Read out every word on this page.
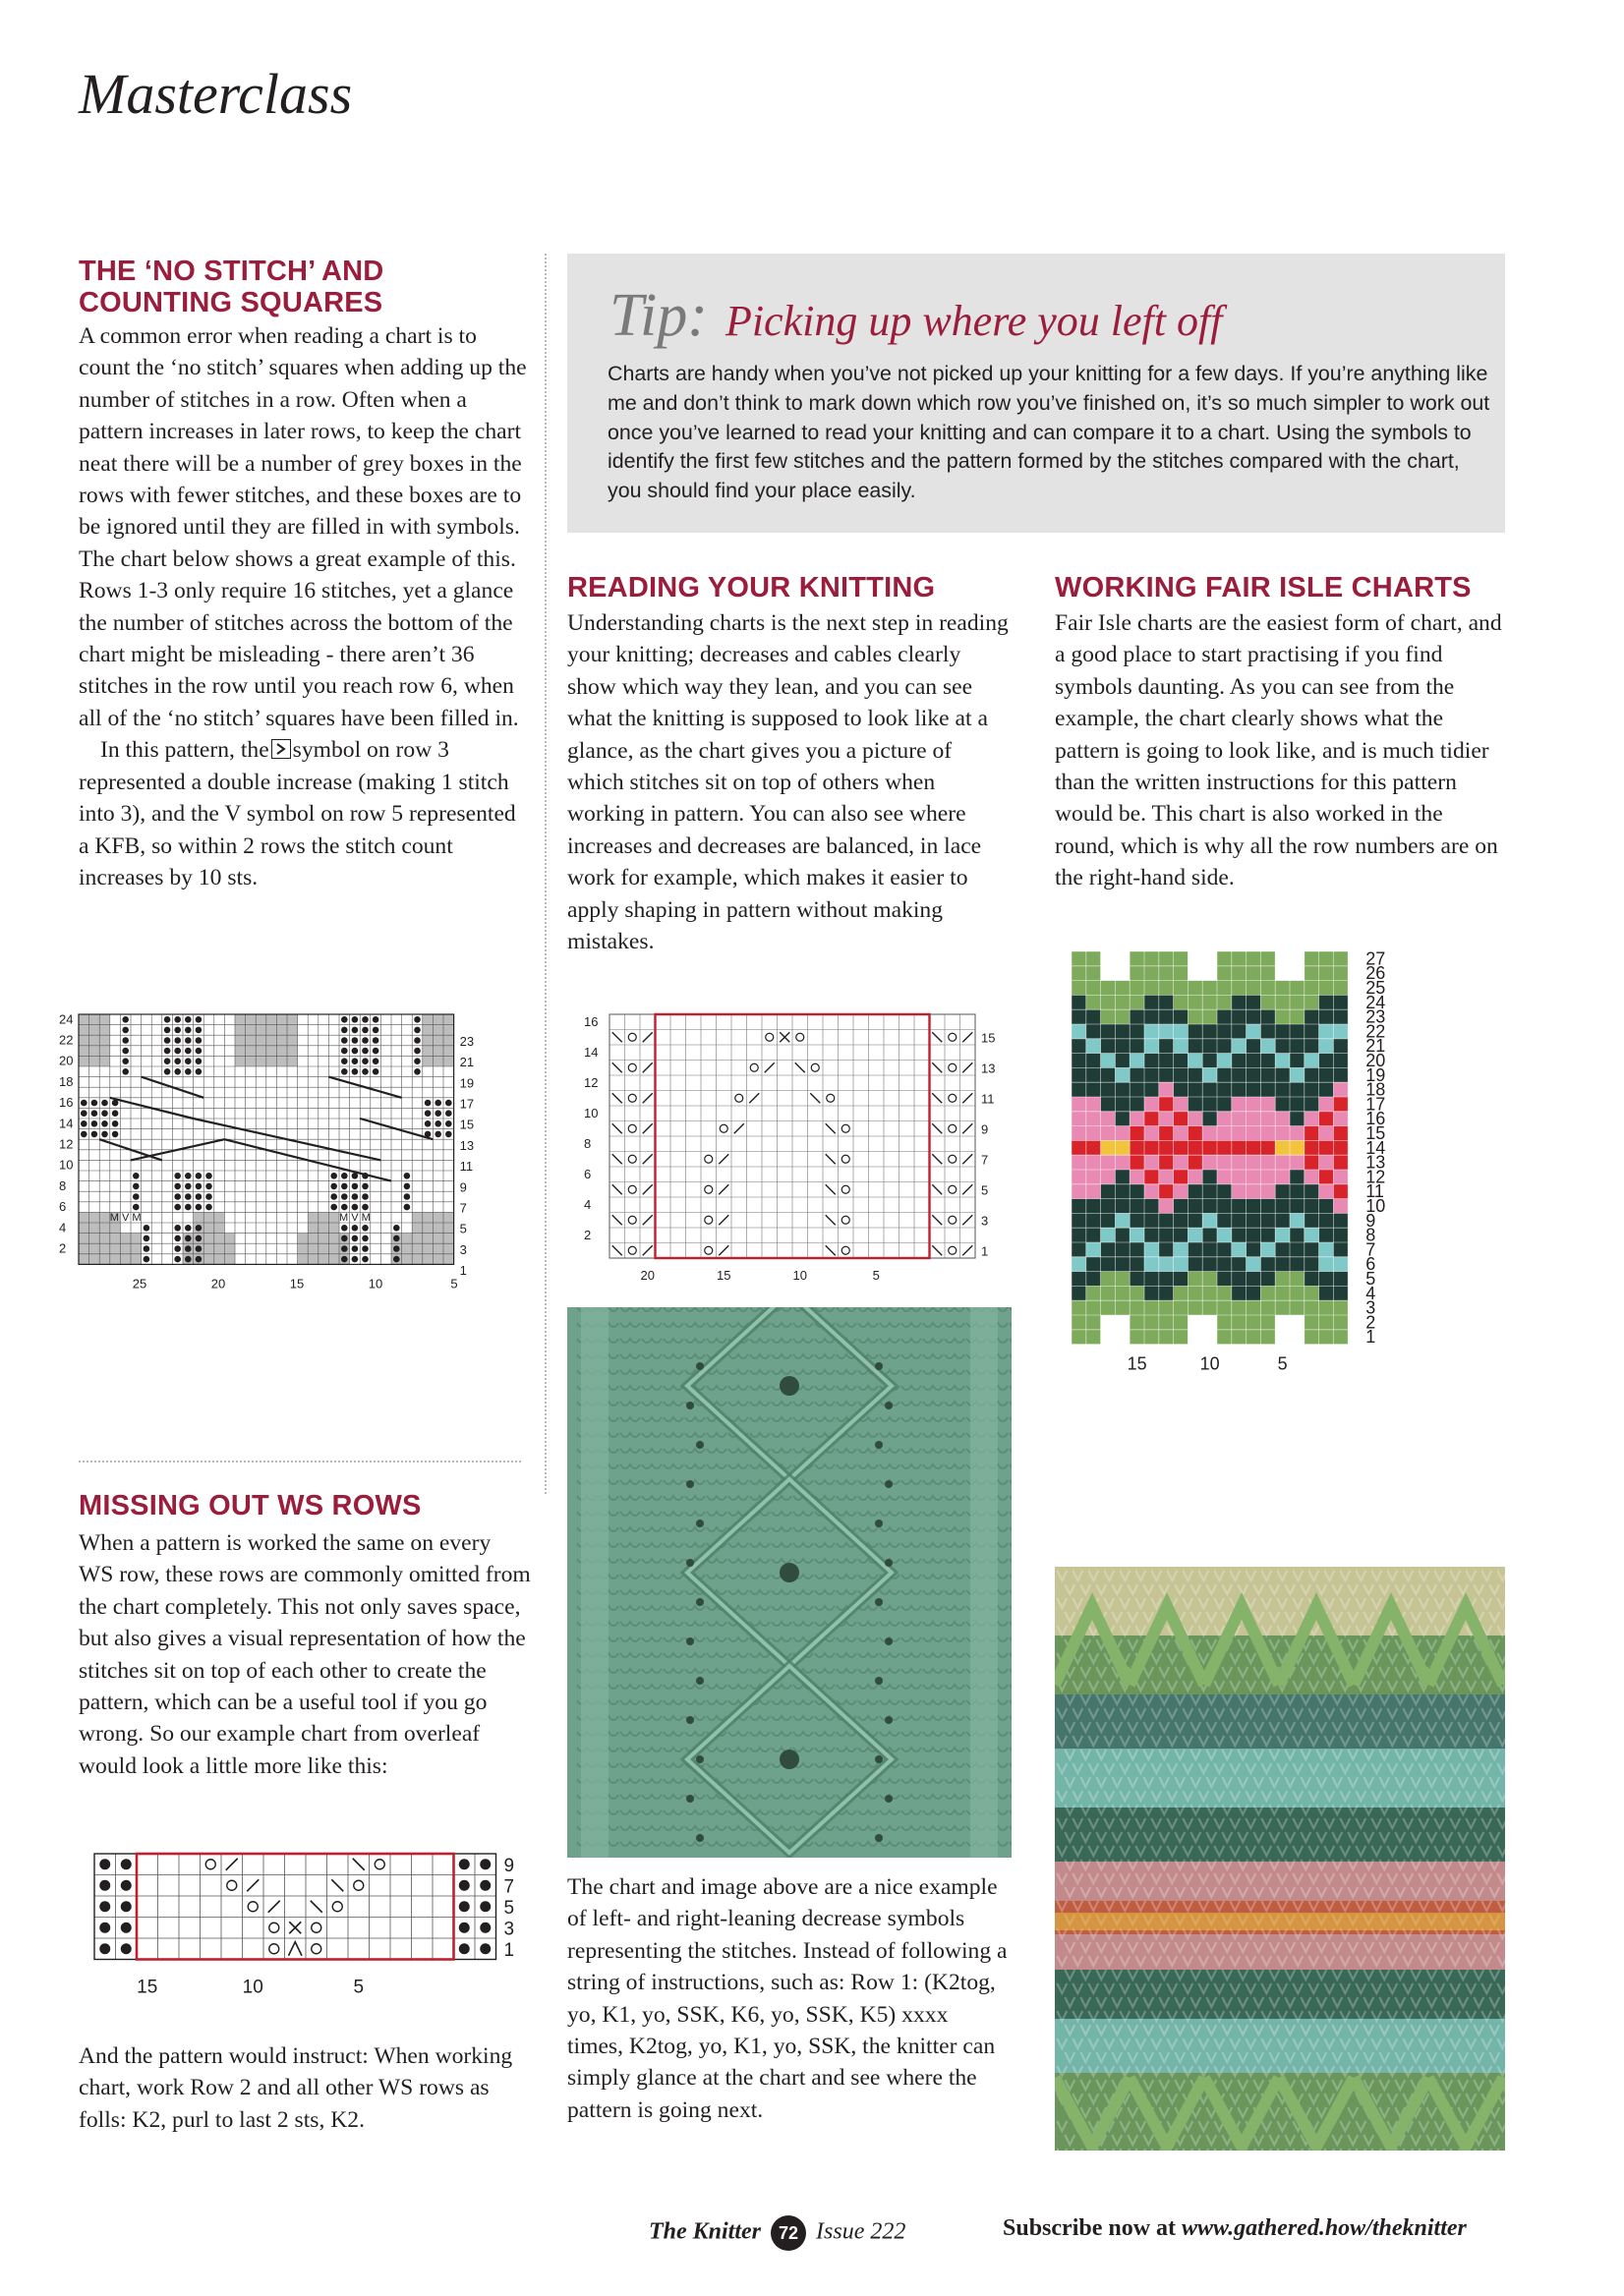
Masterclass
THE ‘NO STITCH’ AND COUNTING SQUARES

A common error when reading a chart is to count the ‘no stitch’ squares when adding up the number of stitches in a row. Often when a pattern increases in later rows, to keep the chart neat there will be a number of grey boxes in the rows with fewer stitches, and these boxes are to be ignored until they are filled in with symbols. The chart below shows a great example of this. Rows 1-3 only require 16 stitches, yet a glance the number of stitches across the bottom of the chart might be misleading - there aren’t 36 stitches in the row until you reach row 6, when all of the ‘no stitch’ squares have been filled in.

In this pattern, the symbol on row 3 represented a double increase (making 1 stitch into 3), and the V symbol on row 5 represented a KFB, so within 2 rows the stitch count increases by 10 sts.

24
22
20
18
16
14
12
10
8
6
4
2
23
21
19
17
15
13
11
9
7
5
3
1
25	20	15	10	5
M V M	M V M
MISSING OUT WS ROWS
When a pattern is worked the same on every WS row, these rows are commonly omitted from the chart completely. This not only saves space, but also gives a visual representation of how the stitches sit on top of each other to create the pattern, which can be a useful tool if you go wrong. So our example chart from overleaf would look a little more like this:
9
7
5
3
1
15	10	5
And the pattern would instruct: When working chart, work Row 2 and all other WS rows as folls: K2, purl to last 2 sts, K2.
Tip: Picking up where you left off
Charts are handy when you’ve not picked up your knitting for a few days. If you’re anything like me and don’t think to mark down which row you’ve finished on, it’s so much simpler to work out once you’ve learned to read your knitting and can compare it to a chart. Using the symbols to identify the first few stitches and the pattern formed by the stitches compared with the chart, you should find your place easily.
READING YOUR KNITTING
Understanding charts is the next step in reading your knitting; decreases and cables clearly show which way they lean, and you can see what the knitting is supposed to look like at a glance, as the chart gives you a picture of which stitches sit on top of others when working in pattern. You can also see where increases and decreases are balanced, in lace work for example, which makes it easier to apply shaping in pattern without making mistakes.
16
14
12
10
8
6
4
2
15
13
11
9
7
5
3
1
20	15	10	5
The chart and image above are a nice example of left- and right-leaning decrease symbols representing the stitches. Instead of following a string of instructions, such as: Row 1: (K2tog, yo, K1, yo, SSK, K6, yo, SSK, K5) xxxx times, K2tog, yo, K1, yo, SSK, the knitter can simply glance at the chart and see where the pattern is going next.
WORKING FAIR ISLE CHARTS
Fair Isle charts are the easiest form of chart, and a good place to start practising if you find symbols daunting. As you can see from the example, the chart clearly shows what the pattern is going to look like, and is much tidier than the written instructions for this pattern would be. This chart is also worked in the round, which is why all the row numbers are on the right-hand side.
27
26
25
24
23
22
21
20
19
18
17
16
15
14
13
12
11
10
9
8
7
6
5
4
3
2
1
15	10	5
The Knitter 72 Issue 222	Subscribe now at www.gathered.how/theknitter
